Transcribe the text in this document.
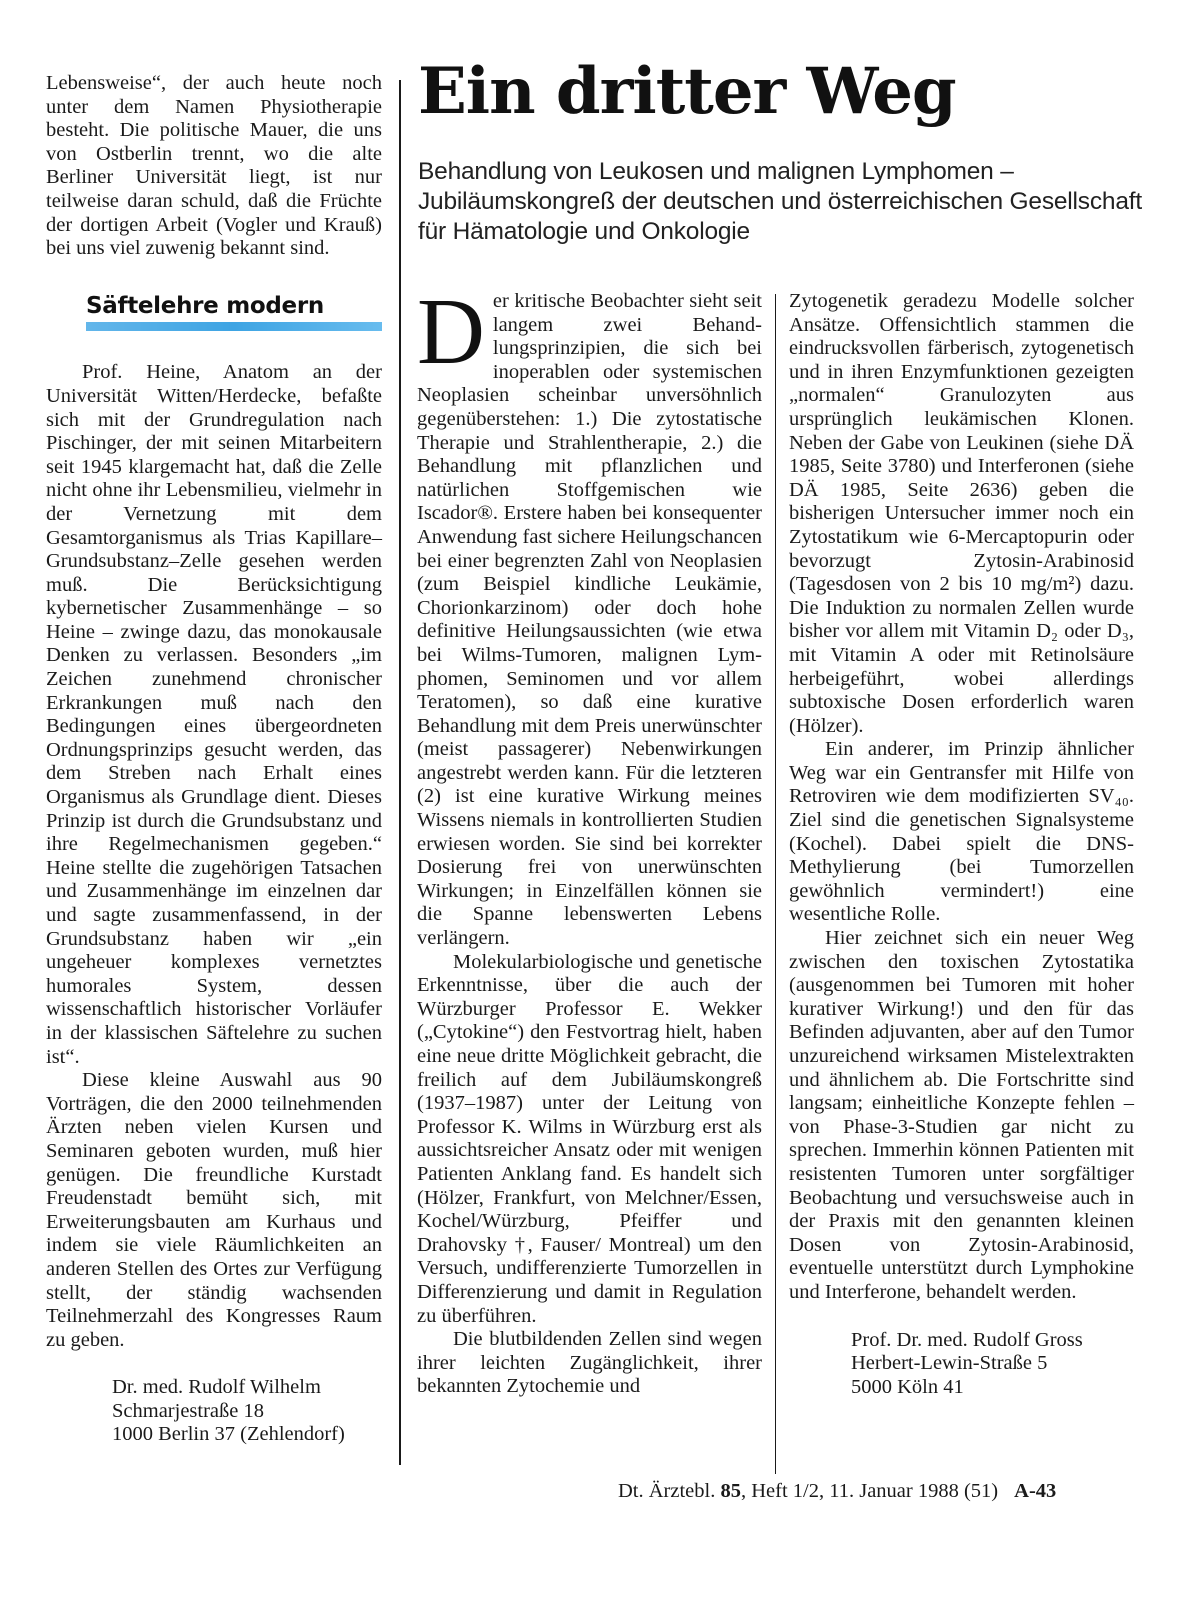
Lebensweise“, der auch heute noch unter dem Namen Physiotherapie besteht. Die politische Mauer, die uns von Ostberlin trennt, wo die alte Berliner Universität liegt, ist nur teilweise daran schuld, daß die Früchte der dortigen Arbeit (Vogler und Krauß) bei uns viel zuwenig bekannt sind.

Säftelehre modern

Prof. Heine, Anatom an der Universität Witten/Herdecke, befaßte sich mit der Grundregulation nach Pischinger, der mit seinen Mitarbeitern seit 1945 klargemacht hat, daß die Zelle nicht ohne ihr Lebensmilieu, vielmehr in der Vernetzung mit dem Gesamtorganismus als Trias Kapillare–Grundsubstanz–Zelle gesehen werden muß. Die Berücksichtigung kybernetischer Zusammenhänge – so Heine – zwinge dazu, das monokausale Denken zu verlassen. Besonders „im Zeichen zunehmend chronischer Erkrankungen muß nach den Bedingungen eines übergeordneten Ordnungsprinzips gesucht werden, das dem Streben nach Erhalt eines Organismus als Grundlage dient. Dieses Prinzip ist durch die Grundsubstanz und ihre Regelmechanismen gegeben.“ Heine stellte die zugehörigen Tatsachen und Zusammenhänge im einzelnen dar und sagte zusammenfassend, in der Grundsubstanz haben wir „ein ungeheuer komplexes vernetztes humorales System, dessen wissenschaftlich historischer Vorläufer in der klassischen Säftelehre zu suchen ist“.

Diese kleine Auswahl aus 90 Vorträgen, die den 2000 teilnehmenden Ärzten neben vielen Kursen und Seminaren geboten wurden, muß hier genügen. Die freundliche Kurstadt Freudenstadt bemüht sich, mit Erweiterungsbauten am Kurhaus und indem sie viele Räumlichkeiten an anderen Stellen des Ortes zur Verfügung stellt, der ständig wachsenden Teilnehmerzahl des Kongresses Raum zu geben.

Dr. med. Rudolf Wilhelm
Schmarjestraße 18
1000 Berlin 37 (Zehlendorf)
Ein dritter Weg
Behandlung von Leukosen und malignen Lymphomen – Jubiläumskongreß der deutschen und österreichischen Gesellschaft für Hämatologie und Onkologie

Der kritische Beobachter sieht seit langem zwei Behandlungsprinzipien, die sich bei inoperablen oder systemischen Neoplasien scheinbar unversöhnlich gegenüberstehen: 1.) Die zytostatische Therapie und Strahlentherapie, 2.) die Behandlung mit pflanzlichen und natürlichen Stoffgemischen wie Iscador®. Erstere haben bei konsequenter Anwendung fast sichere Heilungschancen bei einer begrenzten Zahl von Neoplasien (zum Beispiel kindliche Leukämie, Chorionkarzinom) oder doch hohe definitive Heilungsaussichten (wie etwa bei Wilms-Tumoren, malignen Lymphomen, Seminomen und vor allem Teratomen), so daß eine kurative Behandlung mit dem Preis unerwünschter (meist passagerer) Nebenwirkungen angestrebt werden kann. Für die letzteren (2) ist eine kurative Wirkung meines Wissens niemals in kontrollierten Studien erwiesen worden. Sie sind bei korrekter Dosierung frei von unerwünschten Wirkungen; in Einzelfällen können sie die Spanne lebenswerten Lebens verlängern.

Molekularbiologische und genetische Erkenntnisse, über die auch der Würzburger Professor E. Wekker („Cytokine“) den Festvortrag hielt, haben eine neue dritte Möglichkeit gebracht, die freilich auf dem Jubiläumskongreß (1937–1987) unter der Leitung von Professor K. Wilms in Würzburg erst als aussichtsreicher Ansatz oder mit wenigen Patienten Anklang fand. Es handelt sich (Hölzer, Frankfurt, von Melchner/Essen, Kochel/Würzburg, Pfeiffer und Drahovsky †, Fauser/ Montreal) um den Versuch, undifferenzierte Tumorzellen in Differenzierung und damit in Regulation zu überführen.

Die blutbildenden Zellen sind wegen ihrer leichten Zugänglichkeit, ihrer bekannten Zytochemie und

Zytogenetik geradezu Modelle solcher Ansätze. Offensichtlich stammen die eindrucksvollen färberisch, zytogenetisch und in ihren Enzymfunktionen gezeigten „normalen“ Granulozyten aus ursprünglich leukämischen Klonen. Neben der Gabe von Leukinen (siehe DÄ 1985, Seite 3780) und Interferonen (siehe DÄ 1985, Seite 2636) geben die bisherigen Untersucher immer noch ein Zytostatikum wie 6-Mercaptopurin oder bevorzugt Zytosin-Arabinosid (Tagesdosen von 2 bis 10 mg/m²) dazu. Die Induktion zu normalen Zellen wurde bisher vor allem mit Vitamin D₂ oder D₃, mit Vitamin A oder mit Retinolsäure herbeigeführt, wobei allerdings subtoxische Dosen erforderlich waren (Hölzer).

Ein anderer, im Prinzip ähnlicher Weg war ein Gentransfer mit Hilfe von Retroviren wie dem modifizierten SV₄₀. Ziel sind die genetischen Signalsysteme (Kochel). Dabei spielt die DNS-Methylierung (bei Tumorzellen gewöhnlich vermindert!) eine wesentliche Rolle.

Hier zeichnet sich ein neuer Weg zwischen den toxischen Zytostatika (ausgenommen bei Tumoren mit hoher kurativer Wirkung!) und den für das Befinden adjuvanten, aber auf den Tumor unzureichend wirksamen Mistelextrakten und ähnlichem ab. Die Fortschritte sind langsam; einheitliche Konzepte fehlen – von Phase-3-Studien gar nicht zu sprechen. Immerhin können Patienten mit resistenten Tumoren unter sorgfältiger Beobachtung und versuchsweise auch in der Praxis mit den genannten kleinen Dosen von Zytosin-Arabinosid, eventuelle unterstützt durch Lymphokine und Interferone, behandelt werden.

Prof. Dr. med. Rudolf Gross
Herbert-Lewin-Straße 5
5000 Köln 41
Dt. Ärztebl. 85, Heft 1/2, 11. Januar 1988 (51) A-43
